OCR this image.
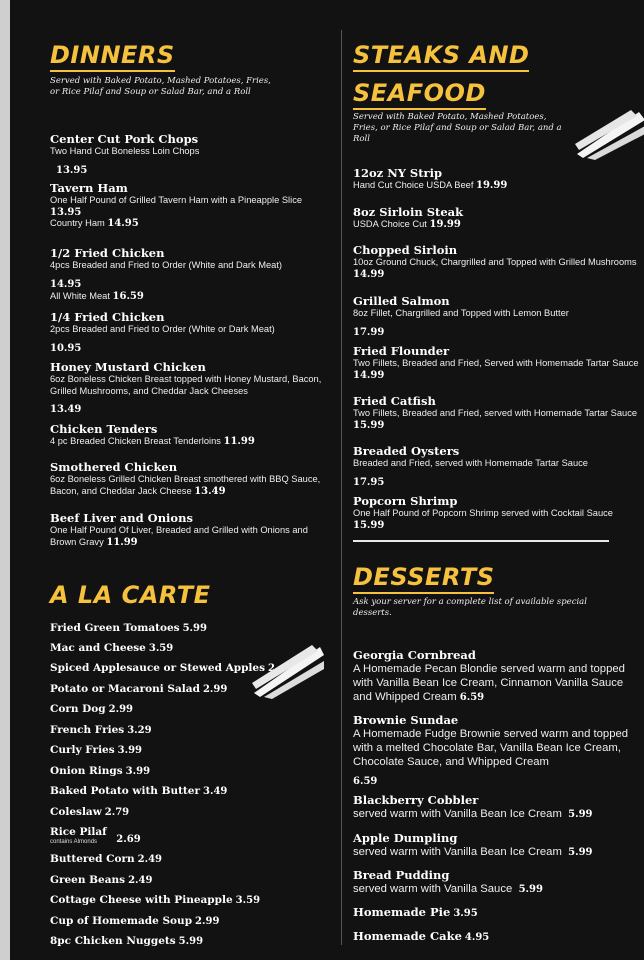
DINNERS
Served with Baked Potato, Mashed Potatoes, Fries, or Rice Pilaf and Soup or Salad Bar, and a Roll
Center Cut Pork Chops
Two Hand Cut Boneless Loin Chops
13.95
Tavern Ham
One Half Pound of Grilled Tavern Ham with a Pineapple Slice 13.95
Country Ham 14.95
1/2 Fried Chicken
4pcs Breaded and Fried to Order (White and Dark Meat)
14.95
All White Meat 16.59
1/4 Fried Chicken
2pcs Breaded and Fried to Order (White or Dark Meat)
10.95
Honey Mustard Chicken
6oz Boneless Chicken Breast topped with Honey Mustard, Bacon, Grilled Mushrooms, and Cheddar Jack Cheeses
13.49
Chicken Tenders
4 pc Breaded Chicken Breast Tenderloins 11.99
Smothered Chicken
6oz Boneless Grilled Chicken Breast smothered with BBQ Sauce, Bacon, and Cheddar Jack Cheese 13.49
Beef Liver and Onions
One Half Pound Of Liver, Breaded and Grilled with Onions and Brown Gravy 11.99
A LA CARTE
Fried Green Tomatoes 5.99
Mac and Cheese 3.59
Spiced Applesauce or Stewed Apples 2
Potato or Macaroni Salad 2.99
Corn Dog 2.99
French Fries 3.29
Curly Fries 3.99
Onion Rings 3.99
Baked Potato with Butter 3.49
Coleslaw 2.79
Rice Pilaf 2.69
contains Almonds
Buttered Corn 2.49
Green Beans 2.49
Cottage Cheese with Pineapple 3.59
Cup of Homemade Soup 2.99
8pc Chicken Nuggets 5.99
STEAKS AND
SEAFOOD
Served with Baked Potato, Mashed Potatoes, Fries, or Rice Pilaf and Soup or Salad Bar, and a Roll
12oz NY Strip
Hand Cut Choice USDA Beef 19.99
8oz Sirloin Steak
USDA Choice Cut 19.99
Chopped Sirloin
10oz Ground Chuck, Chargrilled and Topped with Grilled Mushrooms 14.99
Grilled Salmon
8oz Fillet, Chargrilled and Topped with Lemon Butter
17.99
Fried Flounder
Two Fillets, Breaded and Fried, Served with Homemade Tartar Sauce 14.99
Fried Catfish
Two Fillets, Breaded and Fried, served with Homemade Tartar Sauce 15.99
Breaded Oysters
Breaded and Fried, served with Homemade Tartar Sauce
17.95
Popcorn Shrimp
One Half Pound of Popcorn Shrimp served with Cocktail Sauce 15.99
DESSERTS
Ask your server for a complete list of available special desserts.
Georgia Cornbread
A Homemade Pecan Blondie served warm and topped with Vanilla Bean Ice Cream, Cinnamon Vanilla Sauce and Whipped Cream 6.59
Brownie Sundae
A Homemade Fudge Brownie served warm and topped with a melted Chocolate Bar, Vanilla Bean Ice Cream, Chocolate Sauce, and Whipped Cream
6.59
Blackberry Cobbler
served warm with Vanilla Bean Ice Cream 5.99
Apple Dumpling
served warm with Vanilla Bean Ice Cream 5.99
Bread Pudding
served warm with Vanilla Sauce 5.99
Homemade Pie 3.95
Homemade Cake 4.95
